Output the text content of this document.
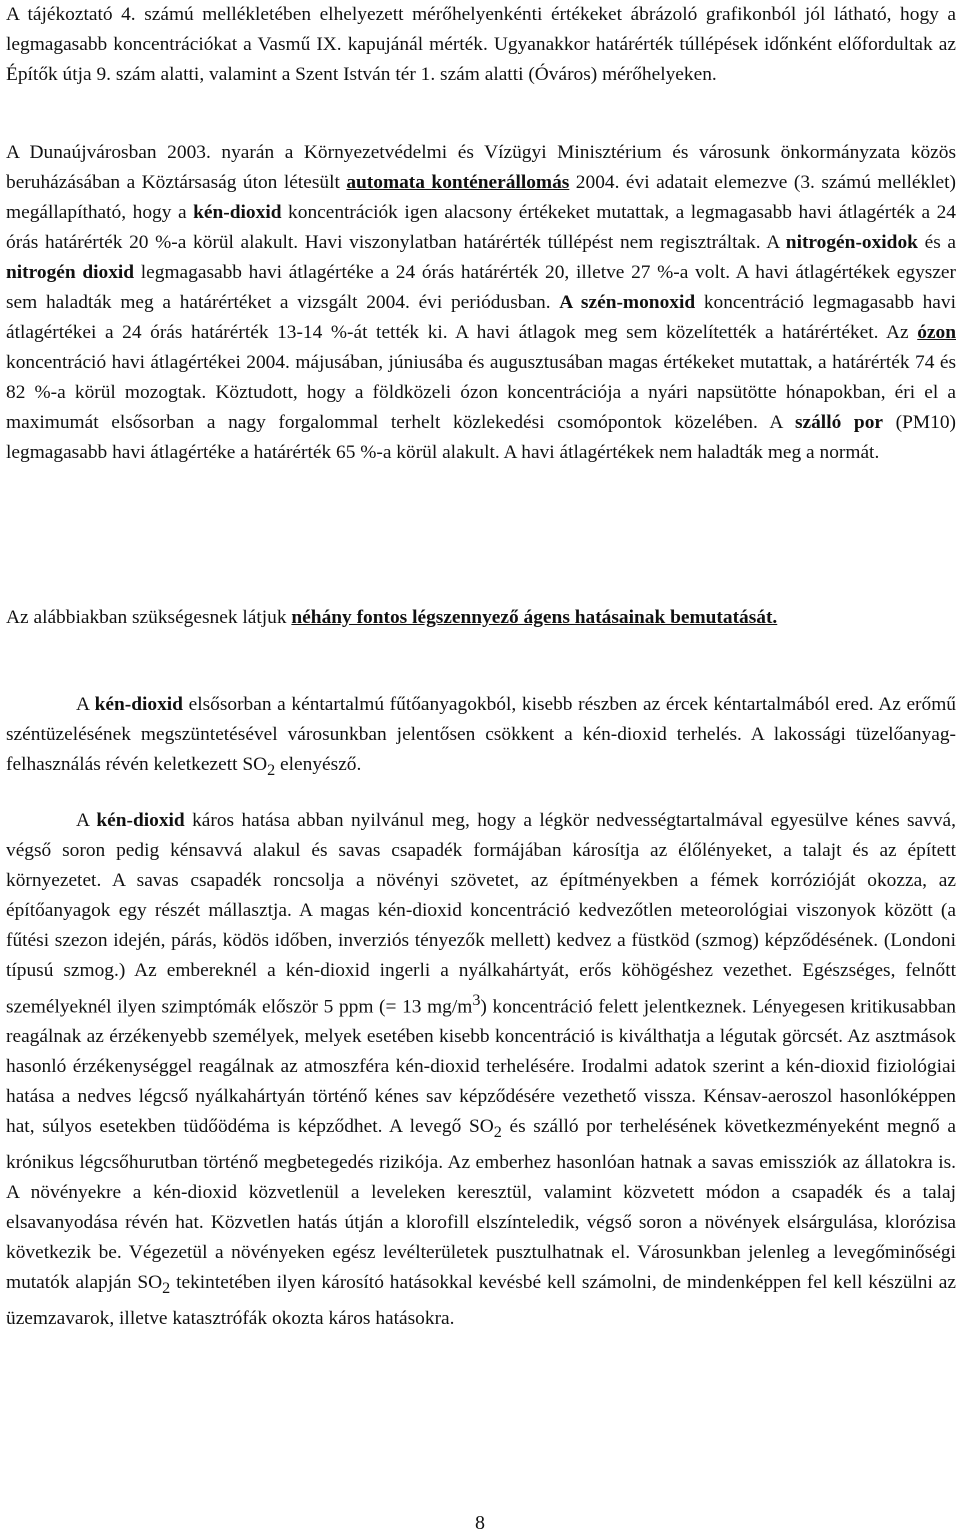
A tájékoztató 4. számú mellékletében elhelyezett mérőhelyenkénti értékeket ábrázoló grafikonból jól látható, hogy a legmagasabb koncentrációkat a Vasmű IX. kapujánál mérték. Ugyanakkor határérték túllépések időnként előfordultak az Építők útja 9. szám alatti, valamint a Szent István tér 1. szám alatti (Óváros) mérőhelyeken.

A Dunaújvárosban 2003. nyarán a Környezetvédelmi és Vízügyi Minisztérium és városunk önkormányzata közös beruházásában a Köztársaság úton létesült automata konténerállomás 2004. évi adatait elemezve (3. számú melléklet) megállapítható, hogy a kén-dioxid koncentrációk igen alacsony értékeket mutattak, a legmagasabb havi átlagérték a 24 órás határérték 20 %-a körül alakult. Havi viszonylatban határérték túllépést nem regisztráltak. A nitrogén-oxidok és a nitrogén dioxid legmagasabb havi átlagértéke a 24 órás határérték 20, illetve 27 %-a volt. A havi átlagértékek egyszer sem haladták meg a határértéket a vizsgált 2004. évi periódusban. A szén-monoxid koncentráció legmagasabb havi átlagértékei a 24 órás határérték 13-14 %-át tették ki. A havi átlagok meg sem közelítették a határértéket. Az ózon koncentráció havi átlagértékei 2004. májusában, júniusába és augusztusában magas értékeket mutattak, a határérték 74 és 82 %-a körül mozogtak. Köztudott, hogy a földközeli ózon koncentrációja a nyári napsütötte hónapokban, éri el a maximumát elsősorban a nagy forgalommal terhelt közlekedési csomópontok közelében. A szálló por (PM10) legmagasabb havi átlagértéke a határérték 65 %-a körül alakult. A havi átlagértékek nem haladták meg a normát.

Az alábbiakban szükségesnek látjuk néhány fontos légszennyező ágens hatásainak bemutatását.

A kén-dioxid elsősorban a kéntartalmú fűtőanyagokból, kisebb részben az ércek kéntartalmából ered. Az erőmű széntüzelésének megszüntetésével városunkban jelentősen csökkent a kén-dioxid terhelés. A lakossági tüzelőanyag-felhasználás révén keletkezett $SO_2$ elenyésző.

A kén-dioxid káros hatása abban nyilvánul meg, hogy a légkör nedvességtartalmával egyesülve kénes savvá, végső soron pedig kénsavvá alakul és savas csapadék formájában károsítja az élőlényeket, a talajt és az épített környezetet. A savas csapadék roncsolja a növényi szövetet, az építményekben a fémek korrózióját okozza, az építőanyagok egy részét mállasztja. A magas kén-dioxid koncentráció kedvezőtlen meteorológiai viszonyok között (a fűtési szezon idején, párás, ködös időben, inverziós tényezők mellett) kedvez a füstköd (szmog) képződésének. (Londoni típusú szmog.) Az embereknél a kén-dioxid ingerli a nyálkahártyát, erős köhögéshez vezethet. Egészséges, felnőtt személyeknél ilyen szimptómák először 5 ppm (= 13 $mg/m^3$) koncentráció felett jelentkeznek. Lényegesen kritikusabban reagálnak az érzékenyebb személyek, melyek esetében kisebb koncentráció is kiválthatja a légutak görcsét. Az asztmások hasonló érzékenységgel reagálnak az atmoszféra kén-dioxid terhelésére. Irodalmi adatok szerint a kén-dioxid fiziológiai hatása a nedves légcső nyálkahártyán történő kénes sav képződésére vezethető vissza. Kénsav-aeroszol hasonlóképpen hat, súlyos esetekben tüdőödéma is képződhet. A levegő $SO_2$ és szálló por terhelésének következményeként megnő a krónikus légcsőhurutban történő megbetegedés rizikója. Az emberhez hasonlóan hatnak a savas emissziók az állatokra is. A növényekre a kén-dioxid közvetlenül a leveleken keresztül, valamint közvetett módon a csapadék és a talaj elsavanyodása révén hat. Közvetlen hatás útján a klorofill elszínteledik, végső soron a növények elsárgulása, klorózisa következik be. Végezetül a növényeken egész levélterületek pusztulhatnak el. Városunkban jelenleg a levegőminőségi mutatók alapján $SO_2$ tekintetében ilyen károsító hatásokkal kevésbé kell számolni, de mindenképpen fel kell készülni az üzemzavarok, illetve katasztrófák okozta káros hatásokra.

8
